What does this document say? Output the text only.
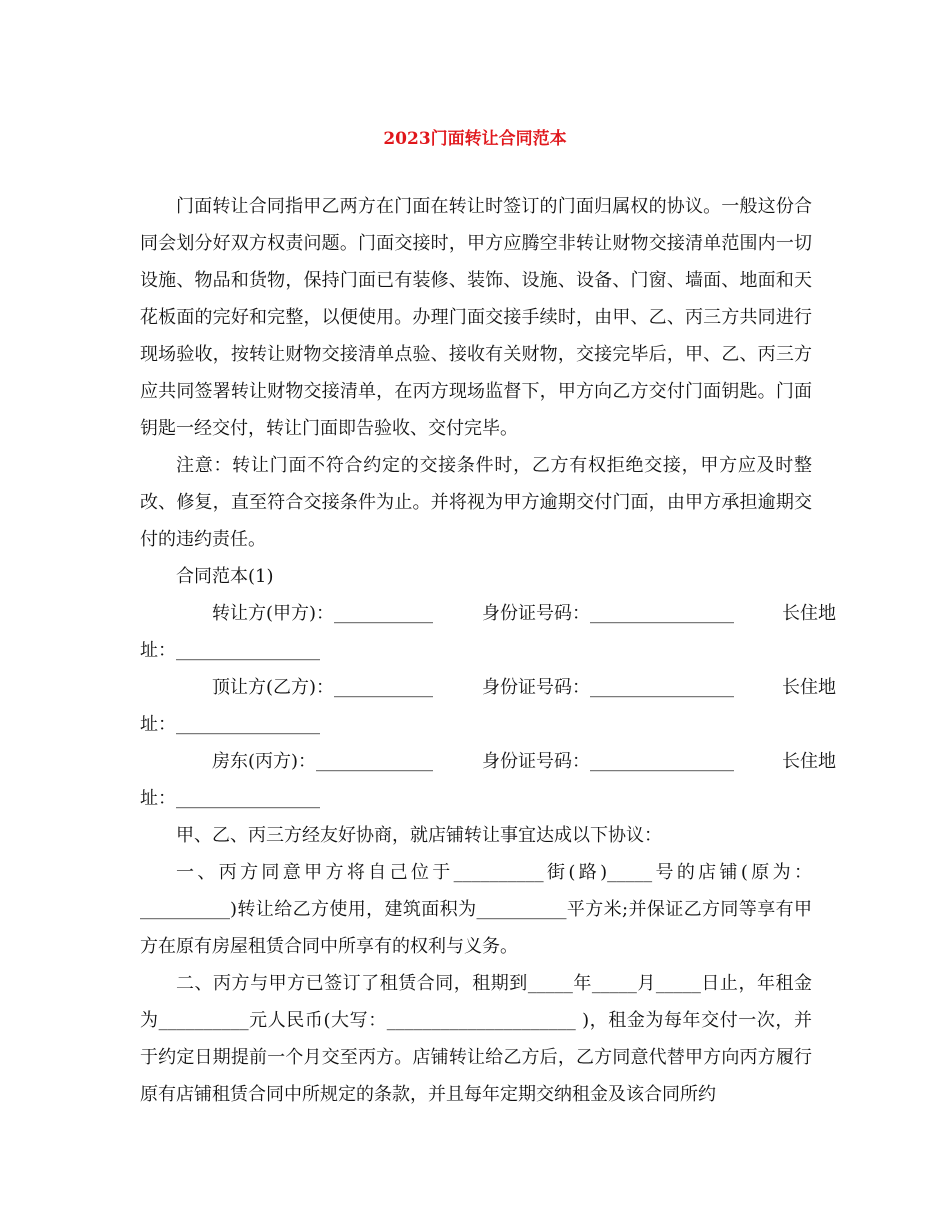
2023门面转让合同范本

门面转让合同指甲乙两方在门面在转让时签订的门面归属权的协议。一般这份合同会划分好双方权责问题。门面交接时，甲方应腾空非转让财物交接清单范围内一切设施、物品和货物，保持门面已有装修、装饰、设施、设备、门窗、墙面、地面和天花板面的完好和完整，以便使用。办理门面交接手续时，由甲、乙、丙三方共同进行现场验收，按转让财物交接清单点验、接收有关财物，交接完毕后，甲、乙、丙三方应共同签署转让财物交接清单，在丙方现场监督下，甲方向乙方交付门面钥匙。门面钥匙一经交付，转让门面即告验收、交付完毕。

注意：转让门面不符合约定的交接条件时，乙方有权拒绝交接，甲方应及时整改、修复，直至符合交接条件为止。并将视为甲方逾期交付门面，由甲方承担逾期交付的违约责任。

合同范本(1)

转让方(甲方)：___________	身份证号码：________________	长住地

址：________________

顶让方(乙方)：___________	身份证号码：________________	长住地

址：________________

房东(丙方)：_____________	身份证号码：________________	长住地

址：________________

甲、乙、丙三方经友好协商，就店铺转让事宜达成以下协议：

一、丙方同意甲方将自己位于__________街(路)_____号的店铺(原为：__________)转让给乙方使用，建筑面积为__________平方米;并保证乙方同等享有甲方在原有房屋租赁合同中所享有的权利与义务。

二、丙方与甲方已签订了租赁合同，租期到_____年_____月_____日止，年租金为__________元人民币(大写：_____________________ )，租金为每年交付一次，并于约定日期提前一个月交至丙方。店铺转让给乙方后，乙方同意代替甲方向丙方履行原有店铺租赁合同中所规定的条款，并且每年定期交纳租金及该合同所约
